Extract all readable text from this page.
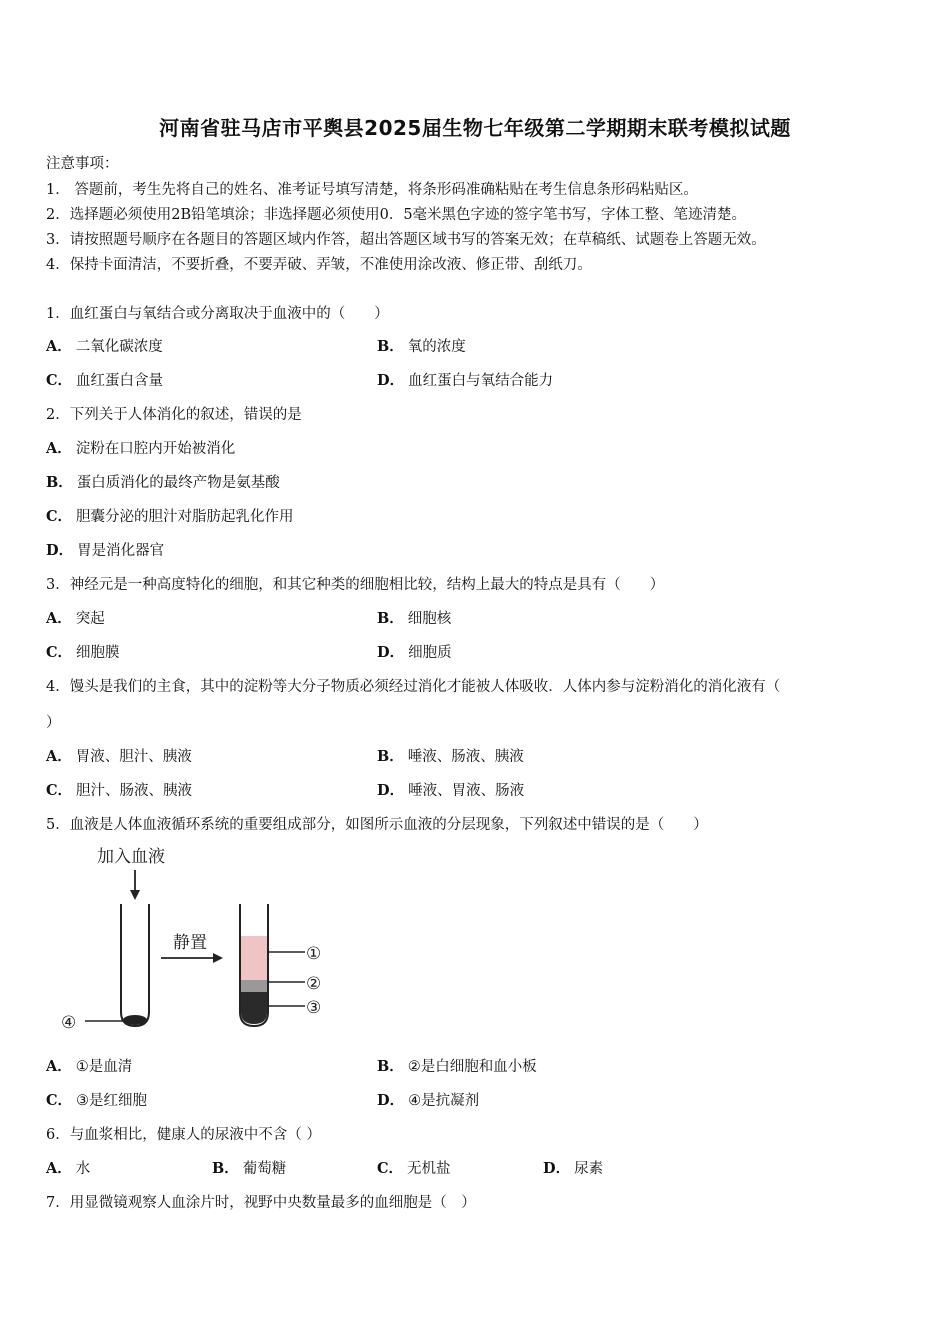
河南省驻马店市平舆县2025届生物七年级第二学期期末联考模拟试题
注意事项：
1． 答题前，考生先将自己的姓名、准考证号填写清楚，将条形码准确粘贴在考生信息条形码粘贴区。
2．选择题必须使用2B铅笔填涂；非选择题必须使用0．5毫米黑色字迹的签字笔书写，字体工整、笔迹清楚。
3．请按照题号顺序在各题目的答题区域内作答，超出答题区域书写的答案无效；在草稿纸、试题卷上答题无效。
4．保持卡面清洁，不要折叠，不要弄破、弄皱，不准使用涂改液、修正带、刮纸刀。
1．血红蛋白与氧结合或分离取决于血液中的（　　）
A． 二氧化碳浓度	B． 氧的浓度
C． 血红蛋白含量	D． 血红蛋白与氧结合能力
2．下列关于人体消化的叙述，错误的是
A． 淀粉在口腔内开始被消化
B． 蛋白质消化的最终产物是氨基酸
C． 胆囊分泌的胆汁对脂肪起乳化作用
D． 胃是消化器官
3．神经元是一种高度特化的细胞，和其它种类的细胞相比较，结构上最大的特点是具有（　　）
A． 突起	B． 细胞核
C． 细胞膜	D． 细胞质
4．馒头是我们的主食，其中的淀粉等大分子物质必须经过消化才能被人体吸收．人体内参与淀粉消化的消化液有（
）
A． 胃液、胆汁、胰液	B． 唾液、肠液、胰液
C． 胆汁、肠液、胰液	D． 唾液、胃液、肠液
5．血液是人体血液循环系统的重要组成部分，如图所示血液的分层现象，下列叙述中错误的是（　　）
加入血液
④
静置
①
②
③
A． ①是血清	B． ②是白细胞和血小板
C． ③是红细胞	D． ④是抗凝剂
6．与血浆相比，健康人的尿液中不含（ ）
A． 水	B． 葡萄糖	C． 无机盐	D． 尿素
7．用显微镜观察人血涂片时，视野中央数量最多的血细胞是（　）
